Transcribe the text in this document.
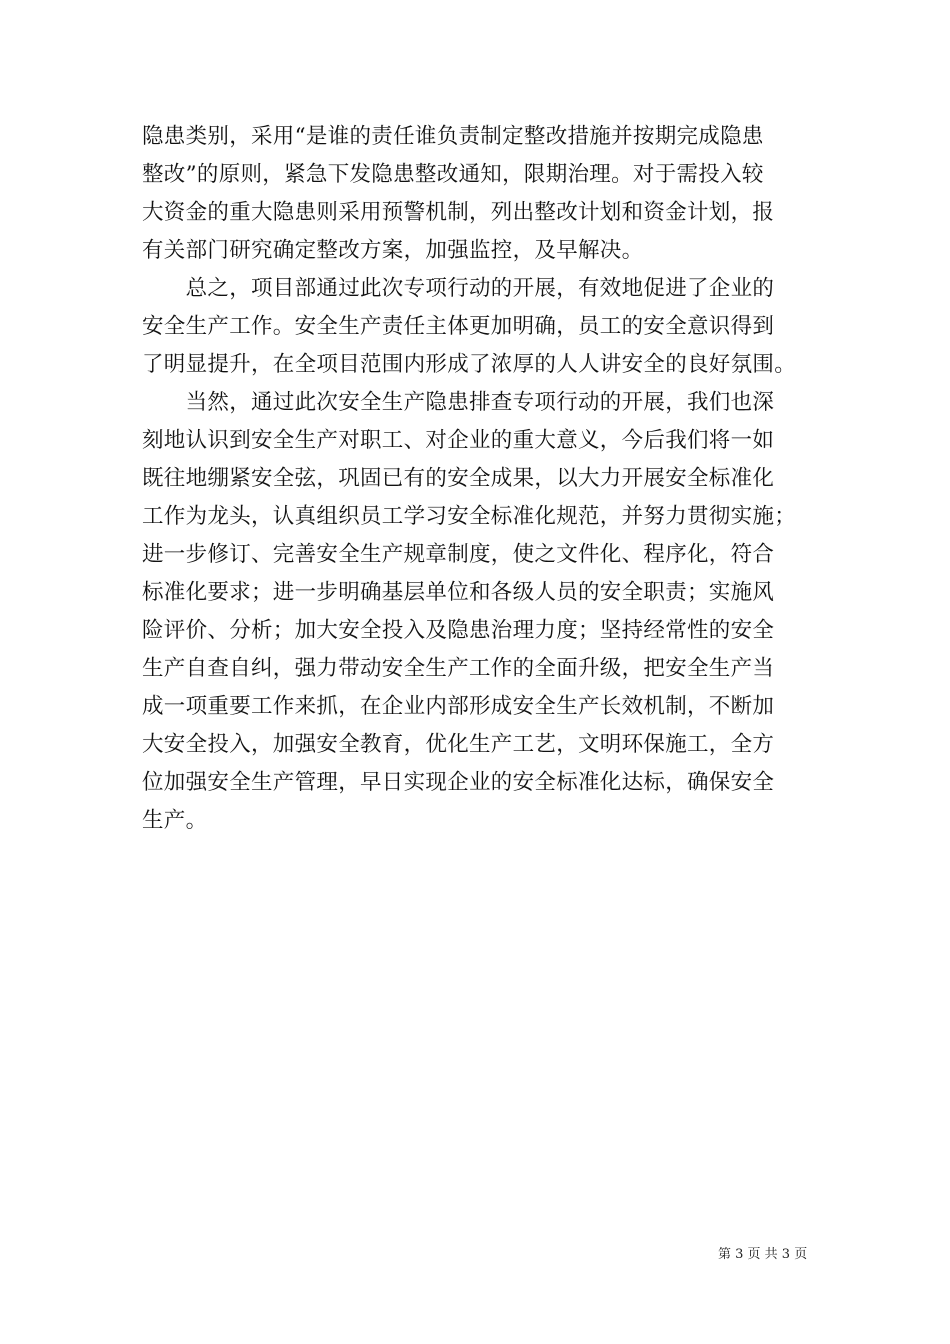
隐患类别，采用“是谁的责任谁负责制定整改措施并按期完成隐患
整改”的原则，紧急下发隐患整改通知，限期治理。对于需投入较
大资金的重大隐患则采用预警机制，列出整改计划和资金计划，报
有关部门研究确定整改方案，加强监控，及早解决。
　　总之，项目部通过此次专项行动的开展，有效地促进了企业的
安全生产工作。安全生产责任主体更加明确，员工的安全意识得到
了明显提升，在全项目范围内形成了浓厚的人人讲安全的良好氛围。
　　当然，通过此次安全生产隐患排查专项行动的开展，我们也深
刻地认识到安全生产对职工、对企业的重大意义，今后我们将一如
既往地绷紧安全弦，巩固已有的安全成果，以大力开展安全标准化
工作为龙头，认真组织员工学习安全标准化规范，并努力贯彻实施；
进一步修订、完善安全生产规章制度，使之文件化、程序化，符合
标准化要求；进一步明确基层单位和各级人员的安全职责；实施风
险评价、分析；加大安全投入及隐患治理力度；坚持经常性的安全
生产自查自纠，强力带动安全生产工作的全面升级，把安全生产当
成一项重要工作来抓，在企业内部形成安全生产长效机制，不断加
大安全投入，加强安全教育，优化生产工艺，文明环保施工，全方
位加强安全生产管理，早日实现企业的安全标准化达标，确保安全
生产。
第 3 页 共 3 页
